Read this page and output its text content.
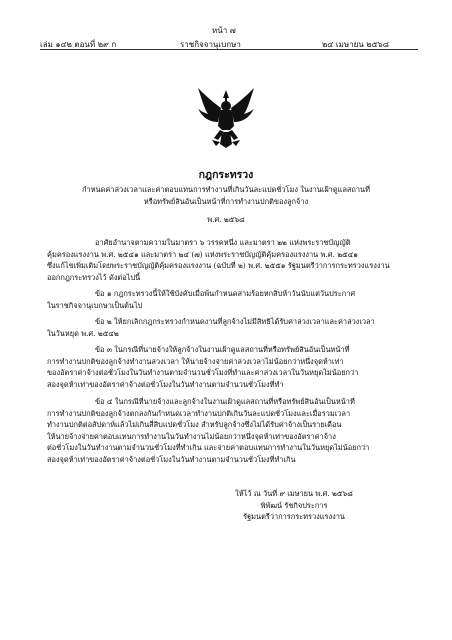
หน้า ๗
เล่ม ๑๔๒ ตอนที่ ๒๙ ก	ราชกิจจานุเบกษา	๒๔ เมษายน ๒๕๖๘
กฎกระทรวง
กำหนดค่าล่วงเวลาและค่าตอบแทนการทำงานที่เกินวันละแปดชั่วโมง ในงานเฝ้าดูแลสถานที่
หรือทรัพย์สินอันเป็นหน้าที่การทำงานปกติของลูกจ้าง
พ.ศ. ๒๕๖๘

อาศัยอำนาจตามความในมาตรา ๖ วรรคหนึ่ง และมาตรา ๒๒ แห่งพระราชบัญญัติ

คุ้มครองแรงงาน พ.ศ. ๒๕๔๑ และมาตรา ๒๔ (๗) แห่งพระราชบัญญัติคุ้มครองแรงงาน พ.ศ. ๒๕๔๑

ซึ่งแก้ไขเพิ่มเติมโดยพระราชบัญญัติคุ้มครองแรงงาน (ฉบับที่ ๒) พ.ศ. ๒๕๕๑ รัฐมนตรีว่าการกระทรวงแรงงาน

ออกกฎกระทรวงไว้ ดังต่อไปนี้

ข้อ ๑ กฎกระทรวงนี้ให้ใช้บังคับเมื่อพ้นกำหนดสามร้อยหกสิบห้าวันนับแต่วันประกาศ

ในราชกิจจานุเบกษาเป็นต้นไป

ข้อ ๒ ให้ยกเลิกกฎกระทรวงกำหนดงานที่ลูกจ้างไม่มีสิทธิได้รับค่าล่วงเวลาและค่าล่วงเวลา

ในวันหยุด พ.ศ. ๒๕๔๒

ข้อ ๓ ในกรณีที่นายจ้างให้ลูกจ้างในงานเฝ้าดูแลสถานที่หรือทรัพย์สินอันเป็นหน้าที่

การทำงานปกติของลูกจ้างทำงานล่วงเวลา ให้นายจ้างจ่ายค่าล่วงเวลาไม่น้อยกว่าหนึ่งจุดห้าเท่า

ของอัตราค่าจ้างต่อชั่วโมงในวันทำงานตามจำนวนชั่วโมงที่ทำและค่าล่วงเวลาในวันหยุดไม่น้อยกว่า

สองจุดห้าเท่าของอัตราค่าจ้างต่อชั่วโมงในวันทำงานตามจำนวนชั่วโมงที่ทำ

ข้อ ๔ ในกรณีที่นายจ้างและลูกจ้างในงานเฝ้าดูแลสถานที่หรือทรัพย์สินอันเป็นหน้าที่

การทำงานปกติของลูกจ้างตกลงกันกำหนดเวลาทำงานปกติเกินวันละแปดชั่วโมงและเมื่อรวมเวลา

ทำงานปกติต่อสัปดาห์แล้วไม่เกินสี่สิบแปดชั่วโมง สำหรับลูกจ้างซึ่งไม่ได้รับค่าจ้างเป็นรายเดือน

ให้นายจ้างจ่ายค่าตอบแทนการทำงานในวันทำงานไม่น้อยกว่าหนึ่งจุดห้าเท่าของอัตราค่าจ้าง

ต่อชั่วโมงในวันทำงานตามจำนวนชั่วโมงที่ทำเกิน และจ่ายค่าตอบแทนการทำงานในวันหยุดไม่น้อยกว่า

สองจุดห้าเท่าของอัตราค่าจ้างต่อชั่วโมงในวันทำงานตามจำนวนชั่วโมงที่ทำเกิน

ให้ไว้ ณ วันที่ ๙ เมษายน พ.ศ. ๒๕๖๘

พิพัฒน์ รัชกิจประการ

รัฐมนตรีว่าการกระทรวงแรงงาน
